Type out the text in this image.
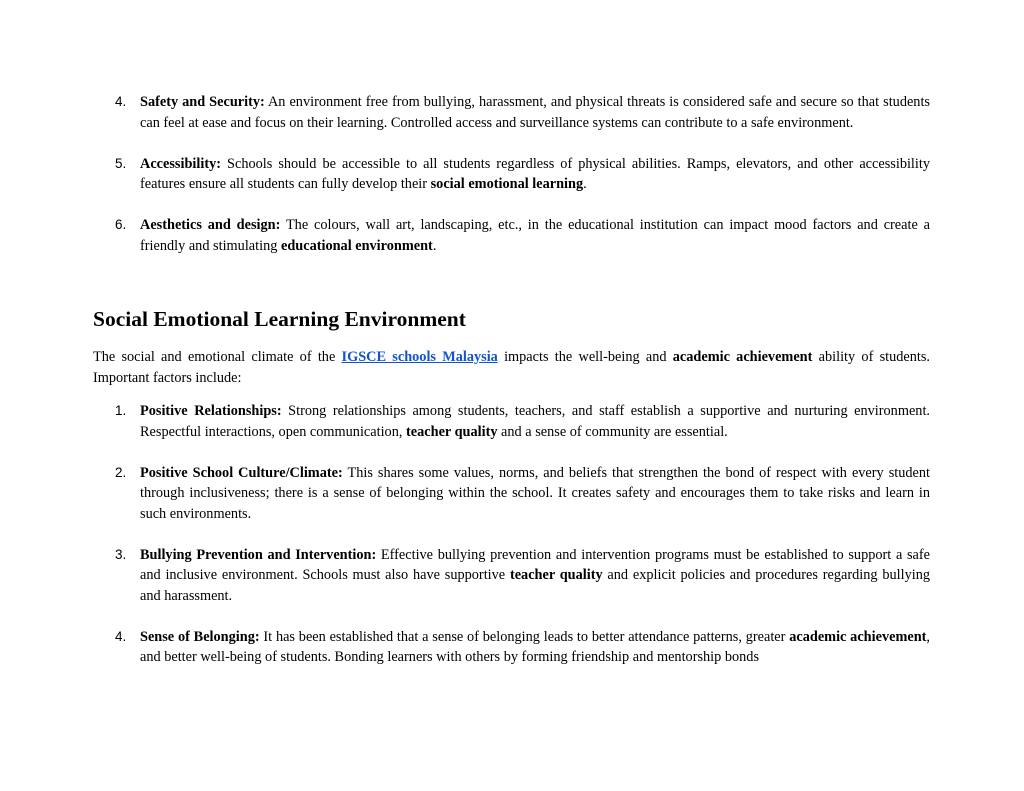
4. Safety and Security: An environment free from bullying, harassment, and physical threats is considered safe and secure so that students can feel at ease and focus on their learning. Controlled access and surveillance systems can contribute to a safe environment.
5. Accessibility: Schools should be accessible to all students regardless of physical abilities. Ramps, elevators, and other accessibility features ensure all students can fully develop their social emotional learning.
6. Aesthetics and design: The colours, wall art, landscaping, etc., in the educational institution can impact mood factors and create a friendly and stimulating educational environment.
Social Emotional Learning Environment

The social and emotional climate of the IGSCE schools Malaysia impacts the well-being and academic achievement ability of students. Important factors include:

1. Positive Relationships: Strong relationships among students, teachers, and staff establish a supportive and nurturing environment. Respectful interactions, open communication, teacher quality and a sense of community are essential.
2. Positive School Culture/Climate: This shares some values, norms, and beliefs that strengthen the bond of respect with every student through inclusiveness; there is a sense of belonging within the school. It creates safety and encourages them to take risks and learn in such environments.
3. Bullying Prevention and Intervention: Effective bullying prevention and intervention programs must be established to support a safe and inclusive environment. Schools must also have supportive teacher quality and explicit policies and procedures regarding bullying and harassment.
4. Sense of Belonging: It has been established that a sense of belonging leads to better attendance patterns, greater academic achievement, and better well-being of students. Bonding learners with others by forming friendship and mentorship bonds
